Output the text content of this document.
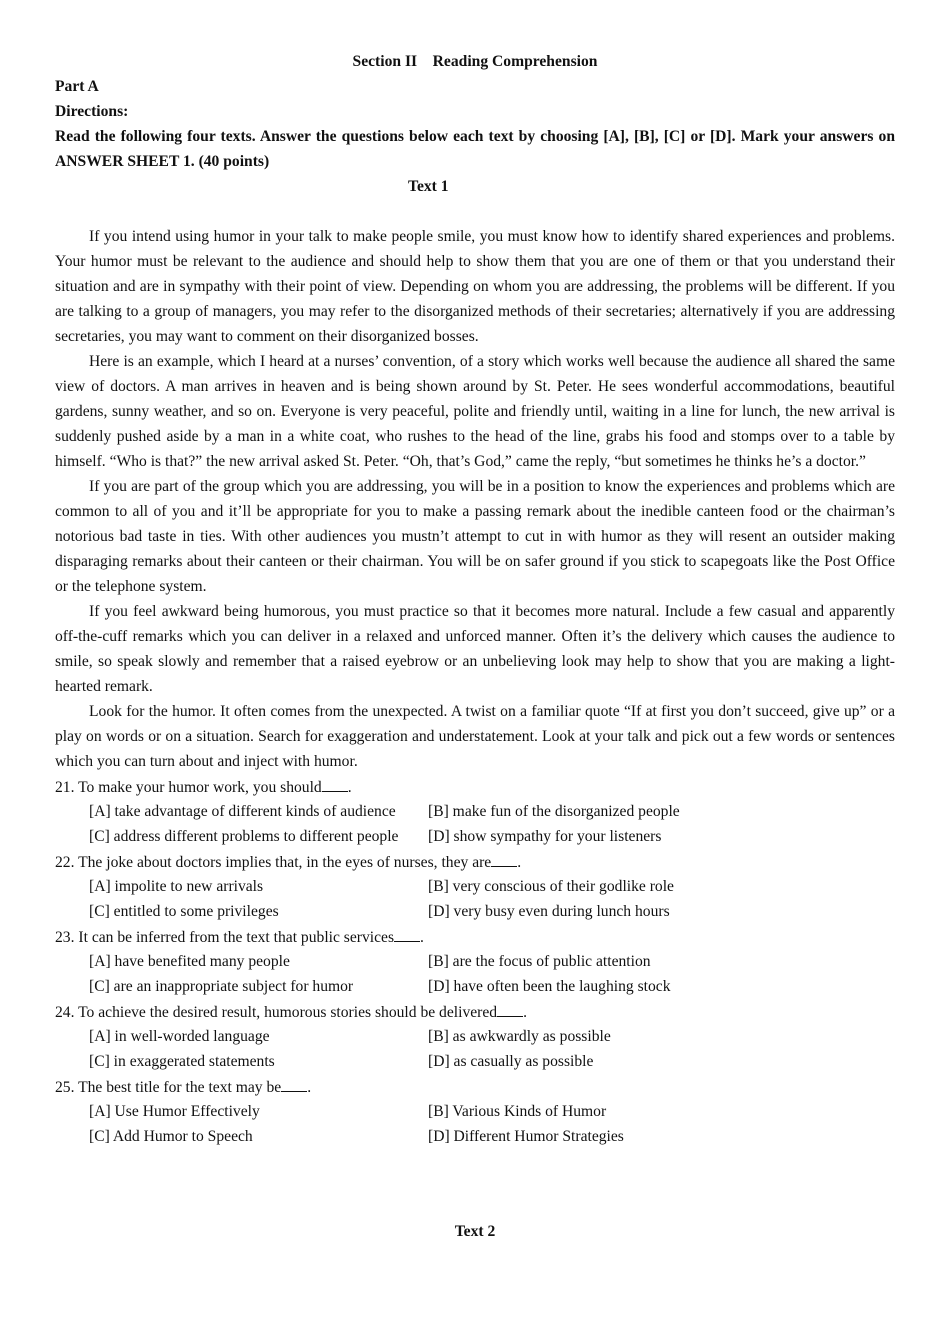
Section II    Reading Comprehension
Part A
Directions:
Read the following four texts. Answer the questions below each text by choosing [A], [B], [C] or [D]. Mark your answers on ANSWER SHEET 1. (40 points)
Text 1
If you intend using humor in your talk to make people smile, you must know how to identify shared experiences and problems. Your humor must be relevant to the audience and should help to show them that you are one of them or that you understand their situation and are in sympathy with their point of view. Depending on whom you are addressing, the problems will be different. If you are talking to a group of managers, you may refer to the disorganized methods of their secretaries; alternatively if you are addressing secretaries, you may want to comment on their disorganized bosses.
Here is an example, which I heard at a nurses’ convention, of a story which works well because the audience all shared the same view of doctors. A man arrives in heaven and is being shown around by St. Peter. He sees wonderful accommodations, beautiful gardens, sunny weather, and so on. Everyone is very peaceful, polite and friendly until, waiting in a line for lunch, the new arrival is suddenly pushed aside by a man in a white coat, who rushes to the head of the line, grabs his food and stomps over to a table by himself. “Who is that?” the new arrival asked St. Peter. “Oh, that’s God,” came the reply, “but sometimes he thinks he’s a doctor.”
If you are part of the group which you are addressing, you will be in a position to know the experiences and problems which are common to all of you and it’ll be appropriate for you to make a passing remark about the inedible canteen food or the chairman’s notorious bad taste in ties. With other audiences you mustn’t attempt to cut in with humor as they will resent an outsider making disparaging remarks about their canteen or their chairman. You will be on safer ground if you stick to scapegoats like the Post Office or the telephone system.
If you feel awkward being humorous, you must practice so that it becomes more natural. Include a few casual and apparently off-the-cuff remarks which you can deliver in a relaxed and unforced manner. Often it’s the delivery which causes the audience to smile, so speak slowly and remember that a raised eyebrow or an unbelieving look may help to show that you are making a light-hearted remark.
Look for the humor. It often comes from the unexpected. A twist on a familiar quote “If at first you don’t succeed, give up” or a play on words or on a situation. Search for exaggeration and understatement. Look at your talk and pick out a few words or sentences which you can turn about and inject with humor.
21. To make your humor work, you should .
[A] take advantage of different kinds of audience	[B] make fun of the disorganized people
[C] address different problems to different people	[D] show sympathy for your listeners
22. The joke about doctors implies that, in the eyes of nurses, they are .
[A] impolite to new arrivals	[B] very conscious of their godlike role
[C] entitled to some privileges	[D] very busy even during lunch hours
23. It can be inferred from the text that public services .
[A] have benefited many people	[B] are the focus of public attention
[C] are an inappropriate subject for humor	[D] have often been the laughing stock
24. To achieve the desired result, humorous stories should be delivered .
[A] in well-worded language	[B] as awkwardly as possible
[C] in exaggerated statements	[D] as casually as possible
25. The best title for the text may be .
[A] Use Humor Effectively	[B] Various Kinds of Humor
[C] Add Humor to Speech	[D] Different Humor Strategies
Text 2
